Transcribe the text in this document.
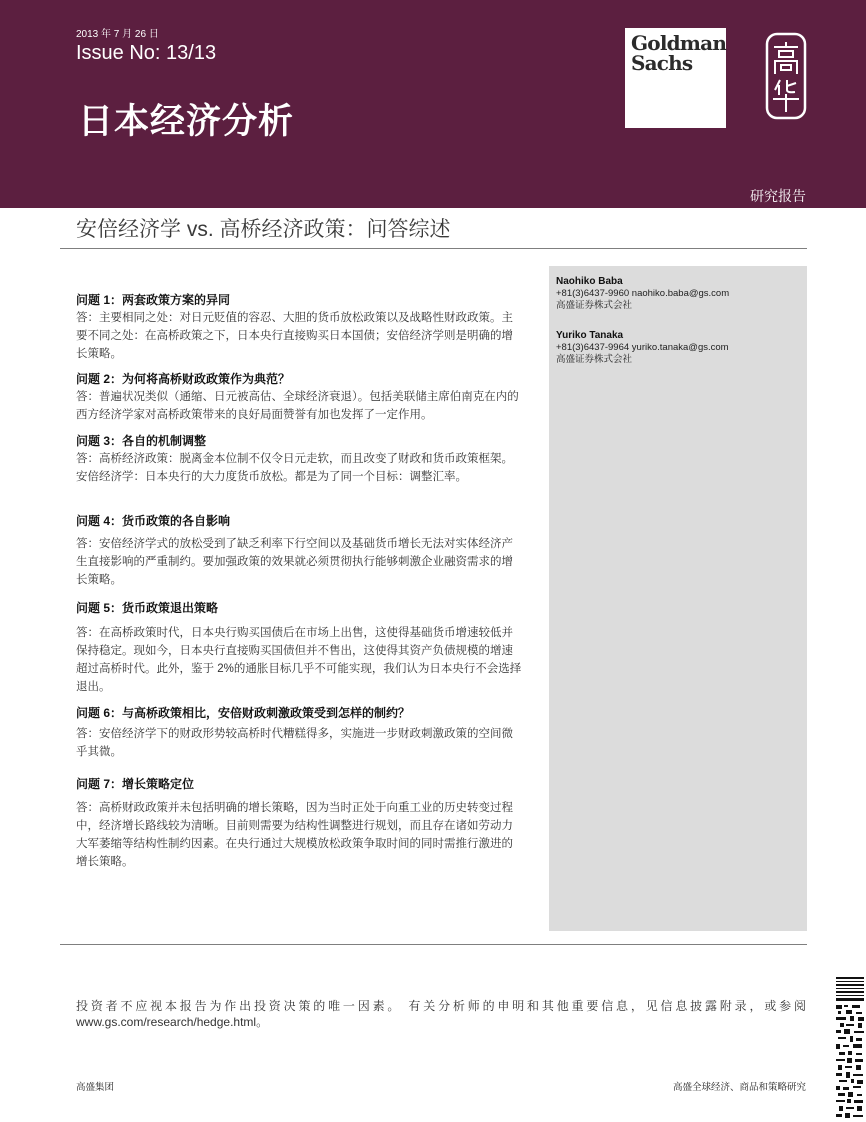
2013 年 7 月 26 日
Issue No: 13/13
日本经济分析
Goldman
Sachs
研究报告
安倍经济学 vs. 高桥经济政策：问答综述
Naohiko Baba
+81(3)6437-9960 naohiko.baba@gs.com
高盛证券株式会社
Yuriko Tanaka
+81(3)6437-9964 yuriko.tanaka@gs.com
高盛证券株式会社

问题 1：两套政策方案的异同

答：主要相同之处：对日元贬值的容忍、大胆的货币放松政策以及战略性财政政策。主要不同之处：在高桥政策之下，日本央行直接购买日本国债；安倍经济学则是明确的增长策略。

问题 2：为何将高桥财政政策作为典范？

答：普遍状况类似（通缩、日元被高估、全球经济衰退）。包括美联储主席伯南克在内的西方经济学家对高桥政策带来的良好局面赞誉有加也发挥了一定作用。

问题 3：各自的机制调整

答：高桥经济政策：脱离金本位制不仅令日元走软，而且改变了财政和货币政策框架。安倍经济学：日本央行的大力度货币放松。都是为了同一个目标：调整汇率。

问题 4：货币政策的各自影响

答：安倍经济学式的放松受到了缺乏利率下行空间以及基础货币增长无法对实体经济产生直接影响的严重制约。要加强政策的效果就必须贯彻执行能够刺激企业融资需求的增长策略。

问题 5：货币政策退出策略

答：在高桥政策时代，日本央行购买国债后在市场上出售，这使得基础货币增速较低并保持稳定。现如今，日本央行直接购买国债但并不售出，这使得其资产负债规模的增速超过高桥时代。此外，鉴于 2%的通胀目标几乎不可能实现，我们认为日本央行不会选择退出。

问题 6：与高桥政策相比，安倍财政刺激政策受到怎样的制约？

答：安倍经济学下的财政形势较高桥时代糟糕得多，实施进一步财政刺激政策的空间微乎其微。

问题 7：增长策略定位

答：高桥财政政策并未包括明确的增长策略，因为当时正处于向重工业的历史转变过程中，经济增长路线较为清晰。目前则需要为结构性调整进行规划，而且存在诸如劳动力大军萎缩等结构性制约因素。在央行通过大规模放松政策争取时间的同时需推行激进的增长策略。

投资者不应视本报告为作出投资决策的唯一因素。 有关分析师的申明和其他重要信息，见信息披露附录，或参阅
www.gs.com/research/hedge.html。
高盛集团	高盛全球经济、商品和策略研究
